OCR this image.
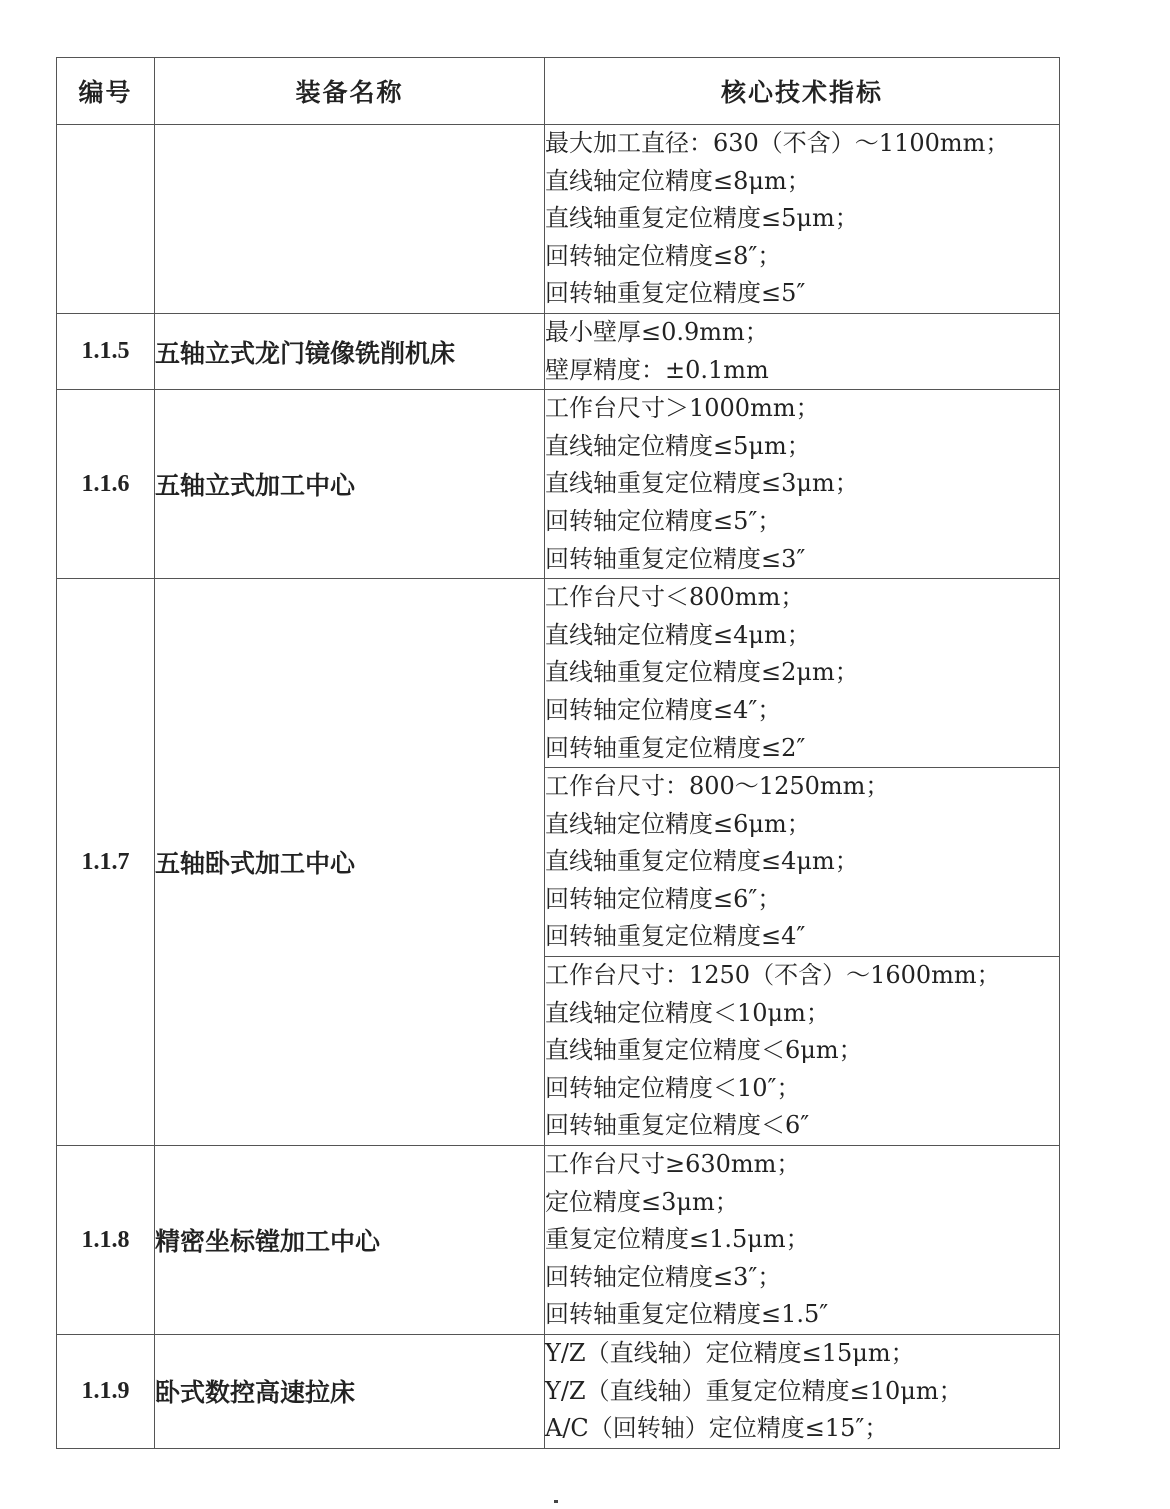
编号	装备名称	核心技术指标

		最大加工直径：630（不含）～1100mm；
直线轴定位精度≤8μm；
直线轴重复定位精度≤5μm；
回转轴定位精度≤8″；
回转轴重复定位精度≤5″

1.1.5	五轴立式龙门镜像铣削机床	最小壁厚≤0.9mm；
壁厚精度：±0.1mm

1.1.6	五轴立式加工中心	工作台尺寸＞1000mm；
直线轴定位精度≤5μm；
直线轴重复定位精度≤3μm；
回转轴定位精度≤5″；
回转轴重复定位精度≤3″

1.1.7	五轴卧式加工中心	工作台尺寸＜800mm；
直线轴定位精度≤4μm；
直线轴重复定位精度≤2μm；
回转轴定位精度≤4″；
回转轴重复定位精度≤2″

		工作台尺寸：800～1250mm；
直线轴定位精度≤6μm；
直线轴重复定位精度≤4μm；
回转轴定位精度≤6″；
回转轴重复定位精度≤4″

		工作台尺寸：1250（不含）～1600mm；
直线轴定位精度＜10μm；
直线轴重复定位精度＜6μm；
回转轴定位精度＜10″；
回转轴重复定位精度＜6″

1.1.8	精密坐标镗加工中心	工作台尺寸≥630mm；
定位精度≤3μm；
重复定位精度≤1.5μm；
回转轴定位精度≤3″；
回转轴重复定位精度≤1.5″

1.1.9	卧式数控高速拉床	Y/Z（直线轴）定位精度≤15μm；
Y/Z（直线轴）重复定位精度≤10μm；
A/C（回转轴）定位精度≤15″；
